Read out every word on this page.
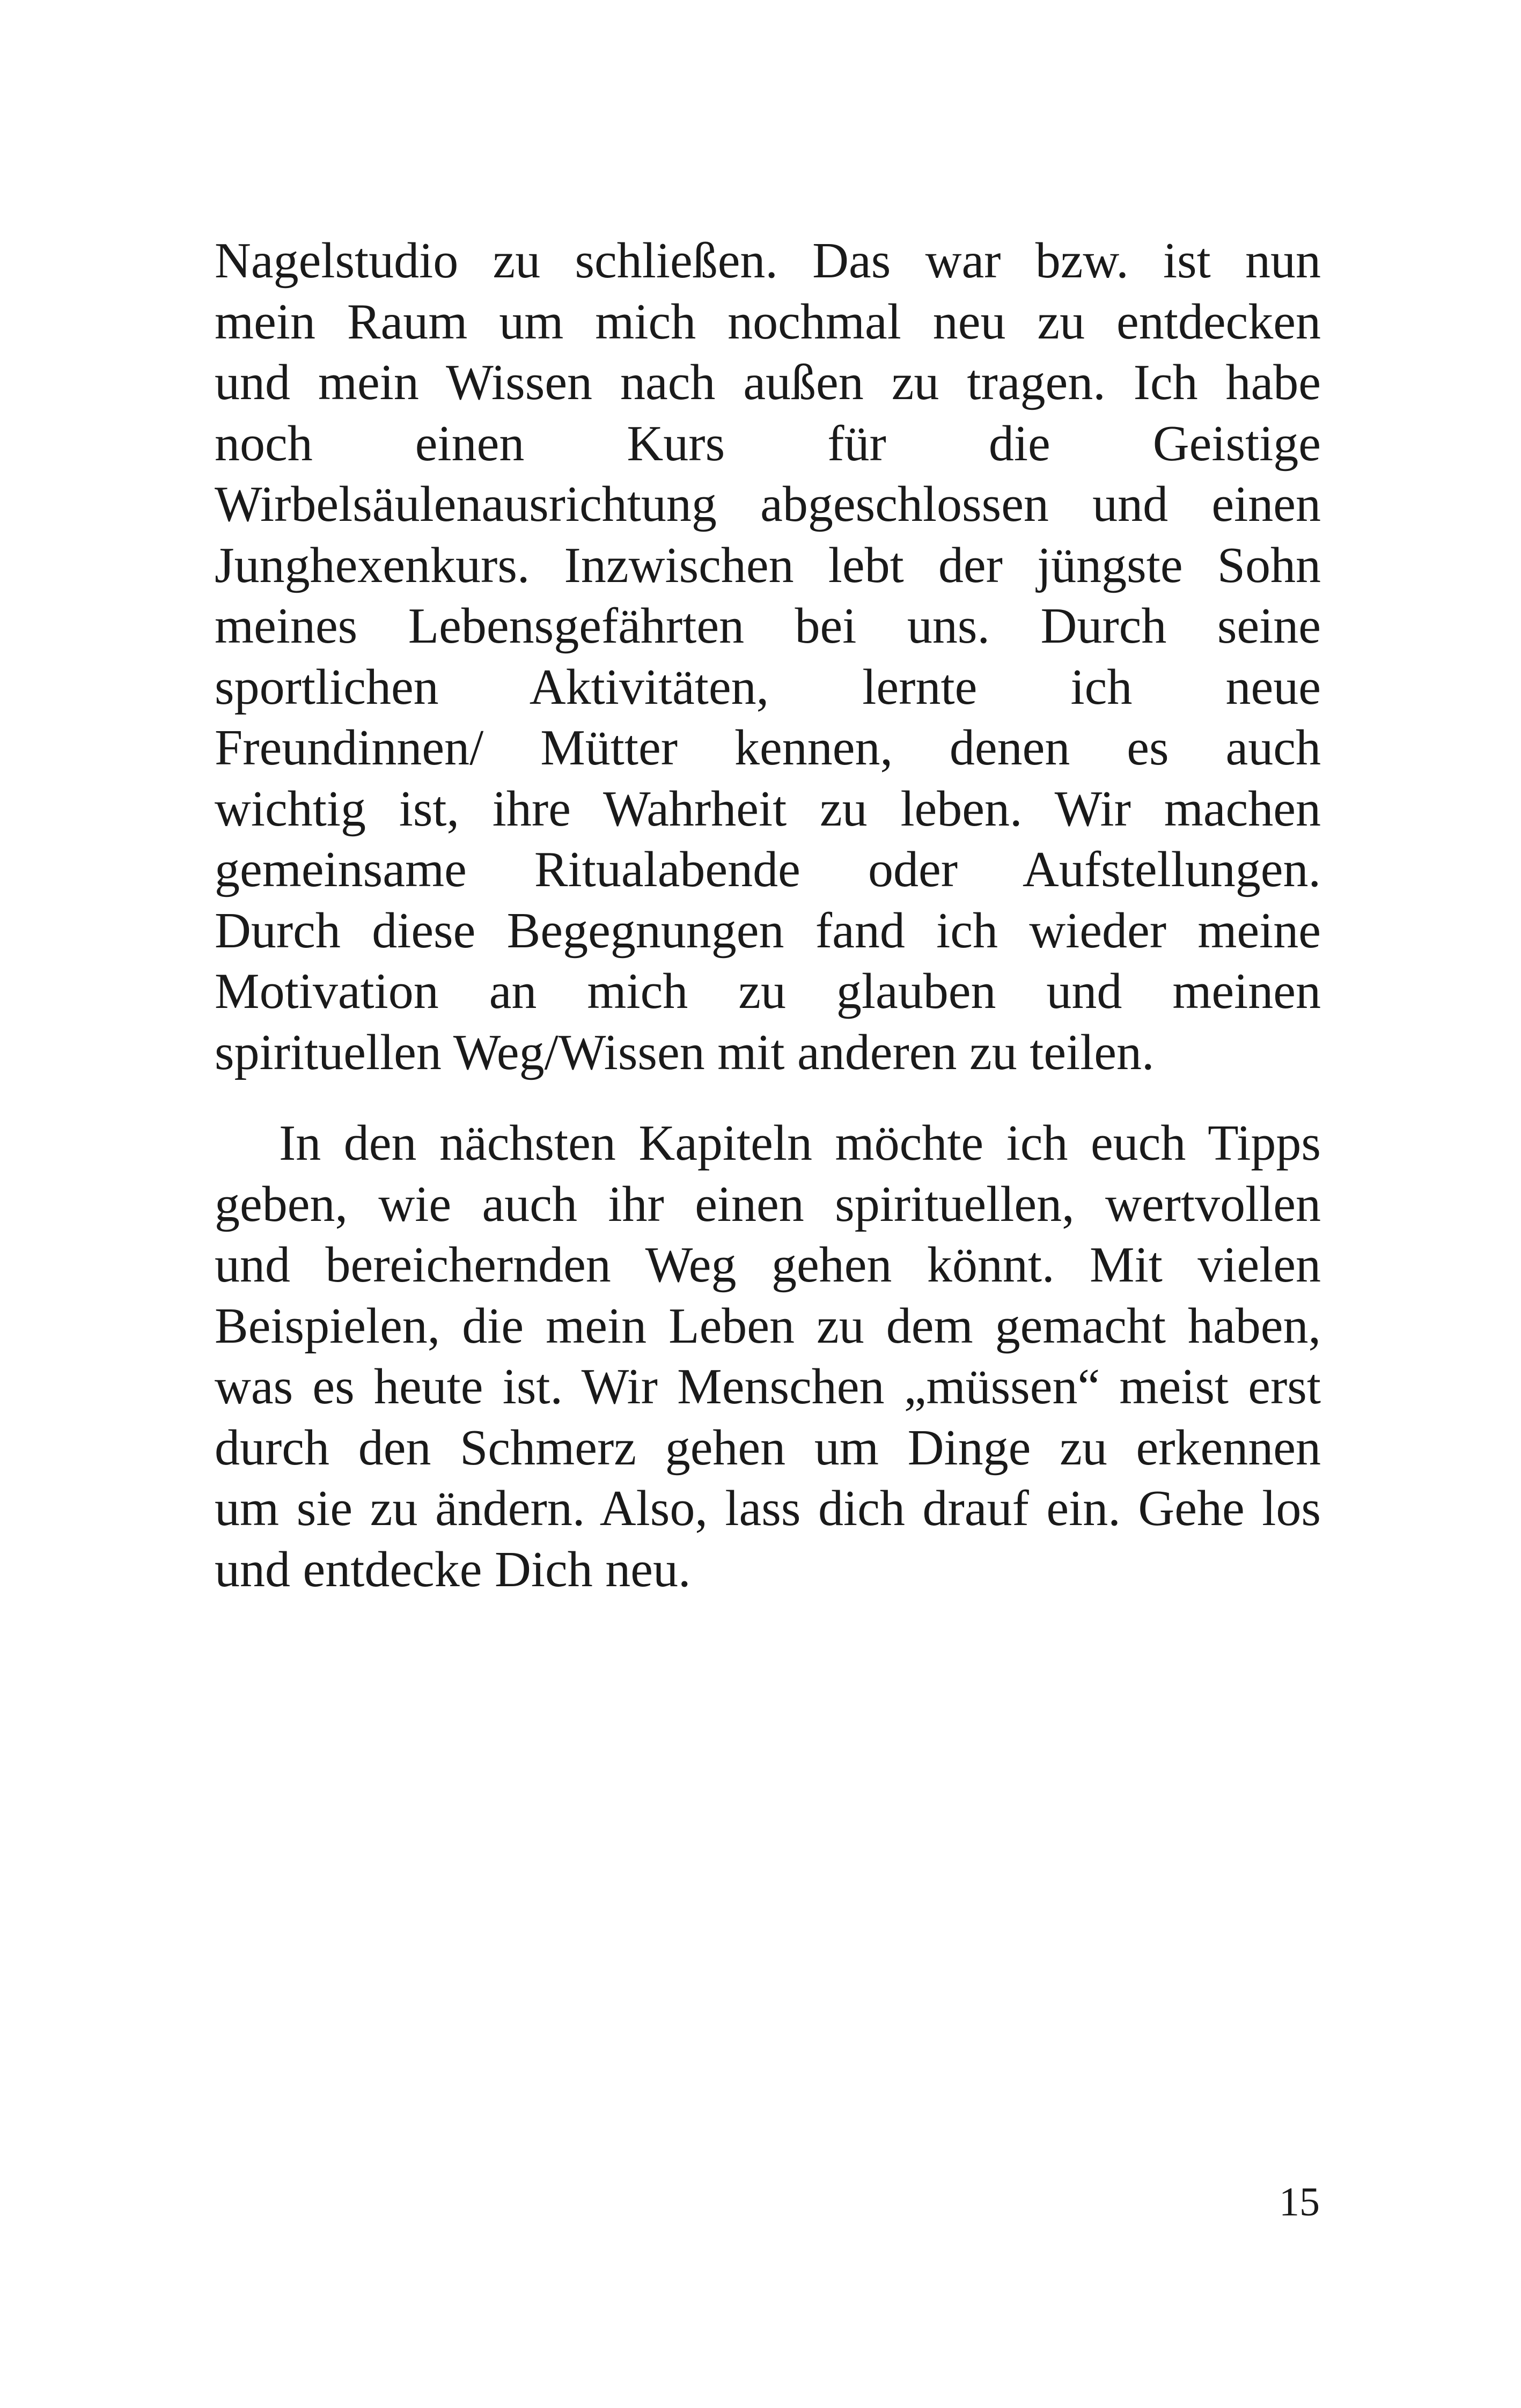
Nagelstudio zu schließen. Das war bzw. ist nun
mein Raum um mich nochmal neu zu entdecken
und mein Wissen nach außen zu tragen. Ich habe
noch einen Kurs für die Geistige
Wirbelsäulenausrichtung abgeschlossen und einen
Junghexenkurs. Inzwischen lebt der jüngste Sohn
meines Lebensgefährten bei uns. Durch seine
sportlichen Aktivitäten, lernte ich neue
Freundinnen/ Mütter kennen, denen es auch
wichtig ist, ihre Wahrheit zu leben. Wir machen
gemeinsame Ritualabende oder Aufstellungen.
Durch diese Begegnungen fand ich wieder meine
Motivation an mich zu glauben und meinen
spirituellen Weg/Wissen mit anderen zu teilen.

In den nächsten Kapiteln möchte ich euch Tipps
geben, wie auch ihr einen spirituellen, wertvollen
und bereichernden Weg gehen könnt. Mit vielen
Beispielen, die mein Leben zu dem gemacht haben,
was es heute ist. Wir Menschen „müssen“ meist erst
durch den Schmerz gehen um Dinge zu erkennen
um sie zu ändern. Also, lass dich drauf ein. Gehe los
und entdecke Dich neu.

15
